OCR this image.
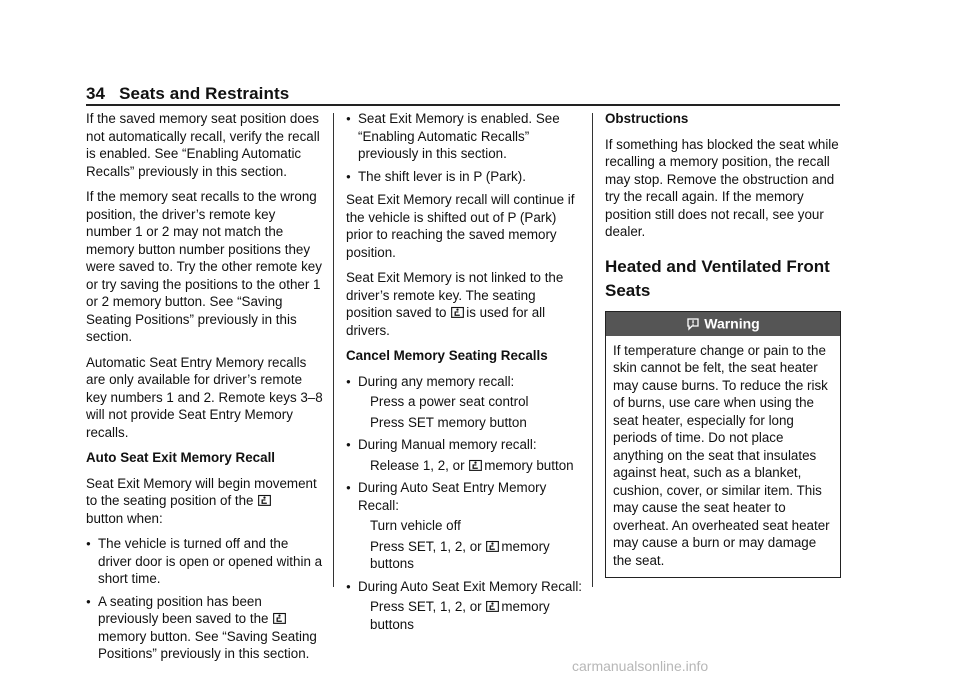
34 Seats and Restraints

If the saved memory seat position does not automatically recall, verify the recall is enabled. See “Enabling Automatic Recalls” previously in this section.

If the memory seat recalls to the wrong position, the driver’s remote key number 1 or 2 may not match the memory button number positions they were saved to. Try the other remote key or try saving the positions to the other 1 or 2 memory button. See “Saving Seating Positions” previously in this section.

Automatic Seat Entry Memory recalls are only available for driver’s remote key numbers 1 and 2. Remote keys 3–8 will not provide Seat Entry Memory recalls.

Auto Seat Exit Memory Recall

Seat Exit Memory will begin movement to the seating position of the
button when:

● The vehicle is turned off and the driver door is open or opened within a short time.
● A seating position has been previously been saved to the memory button. See “Saving Seating Positions” previously in this section.
● Seat Exit Memory is enabled. See “Enabling Automatic Recalls” previously in this section.
● The shift lever is in P (Park).

Seat Exit Memory recall will continue if the vehicle is shifted out of P (Park) prior to reaching the saved memory position.

Seat Exit Memory is not linked to the driver’s remote key. The seating position saved to is used for all drivers.

Cancel Memory Seating Recalls

● During any memory recall:
Press a power seat control
Press SET memory button
● During Manual memory recall:
Release 1, 2, or memory button
● During Auto Seat Entry Memory Recall:
Turn vehicle off
Press SET, 1, 2, or memory buttons
● During Auto Seat Exit Memory Recall:
Press SET, 1, 2, or memory buttons

Obstructions

If something has blocked the seat while recalling a memory position, the recall may stop. Remove the obstruction and try the recall again. If the memory position still does not recall, see your dealer.

Heated and Ventilated Front Seats
Warning
If temperature change or pain to the skin cannot be felt, the seat heater may cause burns. To reduce the risk of burns, use care when using the seat heater, especially for long periods of time. Do not place anything on the seat that insulates against heat, such as a blanket, cushion, cover, or similar item. This may cause the seat heater to overheat. An overheated seat heater may cause a burn or may damage the seat.
carmanualsonline.info
